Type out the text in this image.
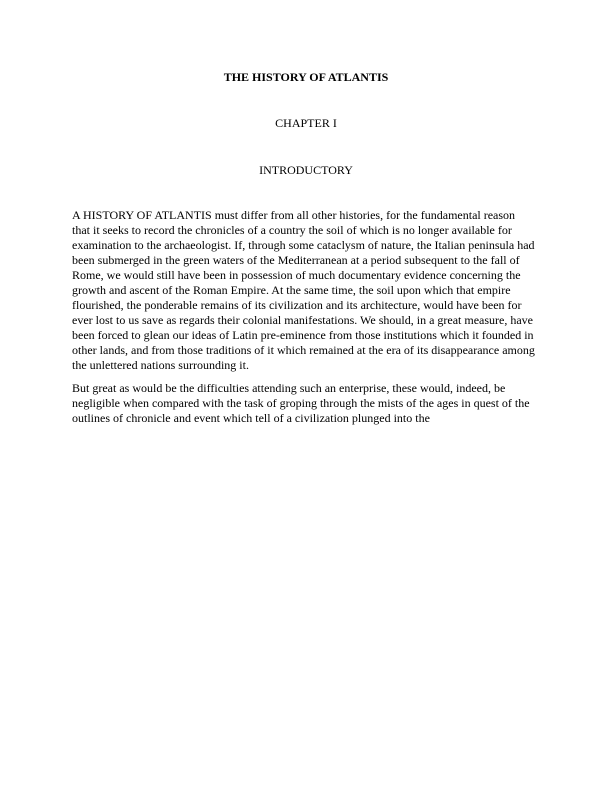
THE HISTORY OF ATLANTIS
CHAPTER I
INTRODUCTORY
A HISTORY OF ATLANTIS must differ from all other histories, for the fundamental reason
that it seeks to record the chronicles of a country the soil of which is no longer available for
examination to the archaeologist. If, through some cataclysm of nature, the Italian peninsula had
been submerged in the green waters of the Mediterranean at a period subsequent to the fall of
Rome, we would still have been in possession of much documentary evidence concerning the
growth and ascent of the Roman Empire. At the same time, the soil upon which that empire
flourished, the ponderable remains of its civilization and its architecture, would have been for
ever lost to us save as regards their colonial manifestations. We should, in a great measure, have
been forced to glean our ideas of Latin pre-eminence from those institutions which it founded in
other lands, and from those traditions of it which remained at the era of its disappearance among
the unlettered nations surrounding it.
But great as would be the difficulties attending such an enterprise, these would, indeed, be
negligible when compared with the task of groping through the mists of the ages in quest of the
outlines of chronicle and event which tell of a civilization plunged into the
